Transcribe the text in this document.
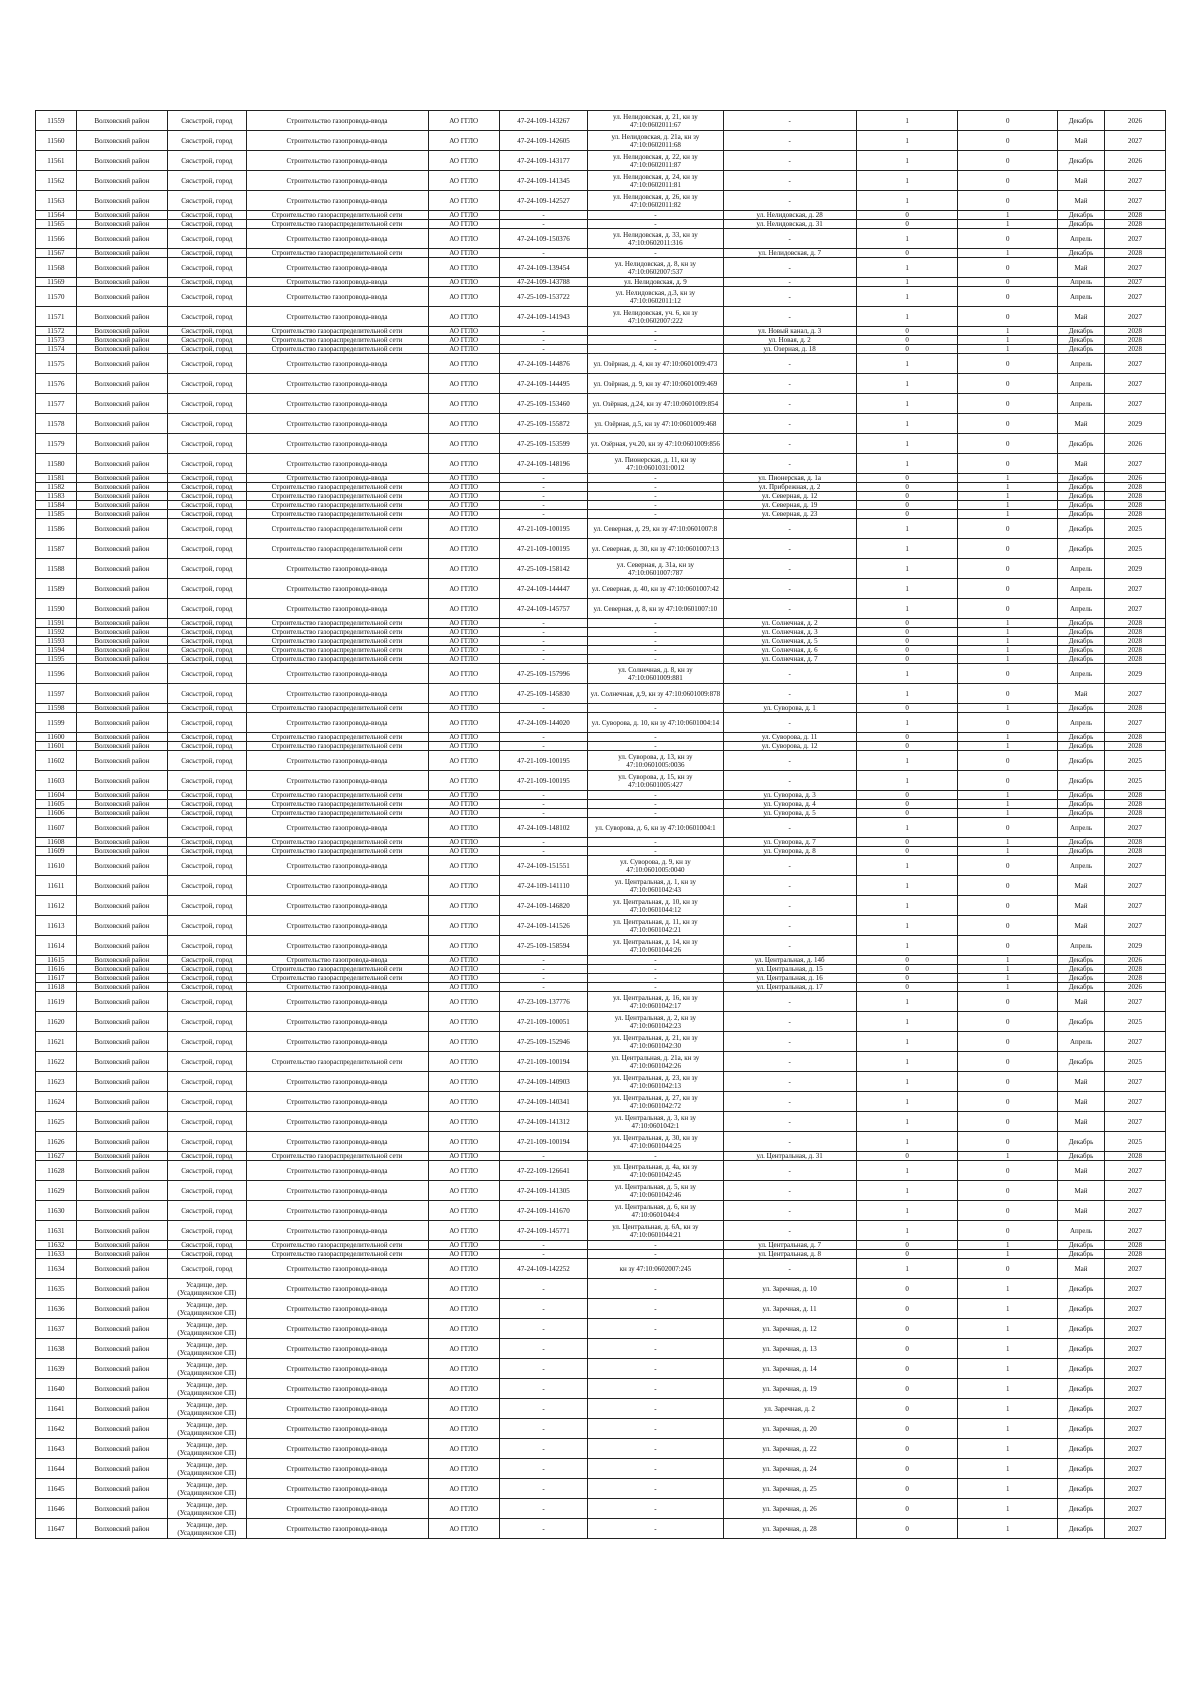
11559	Волховский район	Сясьстрой, город	Строительство газопровода-ввода	АО ГГЛО	47-24-109-143267	ул. Нелидовская, д. 21, кн зу 47:10:0602011:67	-	1	0	Декабрь	2026
11560	Волховский район	Сясьстрой, город	Строительство газопровода-ввода	АО ГГЛО	47-24-109-142605	ул. Нелидовская, д. 21а, кн зу 47:10:0602011:68	-	1	0	Май	2027
11561	Волховский район	Сясьстрой, город	Строительство газопровода-ввода	АО ГГЛО	47-24-109-143177	ул. Нелидовская, д. 22, кн зу 47:10:0602011:87	-	1	0	Декабрь	2026
11562	Волховский район	Сясьстрой, город	Строительство газопровода-ввода	АО ГГЛО	47-24-109-141345	ул. Нелидовская, д. 24, кн зу 47:10:0602011:81	-	1	0	Май	2027
11563	Волховский район	Сясьстрой, город	Строительство газопровода-ввода	АО ГГЛО	47-24-109-142527	ул. Нелидовская, д. 26, кн зу 47:10:0602011:82	-	1	0	Май	2027
11564	Волховский район	Сясьстрой, город	Строительство газораспределительной сети	АО ГГЛО	-	-	ул. Нелидовская, д. 28	0	1	Декабрь	2028
11565	Волховский район	Сясьстрой, город	Строительство газораспределительной сети	АО ГГЛО	-	-	ул. Нелидовская, д. 31	0	1	Декабрь	2028
11566	Волховский район	Сясьстрой, город	Строительство газопровода-ввода	АО ГГЛО	47-24-109-150376	ул. Нелидовская, д. 33, кн зу 47:10:0602011:316	-	1	0	Апрель	2027
11567	Волховский район	Сясьстрой, город	Строительство газораспределительной сети	АО ГГЛО	-	-	ул. Нелидовская, д. 7	0	1	Декабрь	2028
11568	Волховский район	Сясьстрой, город	Строительство газопровода-ввода	АО ГГЛО	47-24-109-139454	ул. Нелидовская, д. 8, кн зу 47:10:0602007:537	-	1	0	Май	2027
11569	Волховский район	Сясьстрой, город	Строительство газопровода-ввода	АО ГГЛО	47-24-109-143788	ул. Нелидовская, д. 9	-	1	0	Апрель	2027
11570	Волховский район	Сясьстрой, город	Строительство газопровода-ввода	АО ГГЛО	47-25-109-153722	ул. Нелидовская, д.3, кн зу 47:10:0602011:12	-	1	0	Апрель	2027
11571	Волховский район	Сясьстрой, город	Строительство газопровода-ввода	АО ГГЛО	47-24-109-141943	ул. Нелидовская, уч. 6, кн зу 47:10:0602007:222	-	1	0	Май	2027
11572	Волховский район	Сясьстрой, город	Строительство газораспределительной сети	АО ГГЛО	-	-	ул. Новый канал, д. 3	0	1	Декабрь	2028
11573	Волховский район	Сясьстрой, город	Строительство газораспределительной сети	АО ГГЛО	-	-	ул. Новая, д. 2	0	1	Декабрь	2028
11574	Волховский район	Сясьстрой, город	Строительство газораспределительной сети	АО ГГЛО	-	-	ул. Озерная, д. 18	0	1	Декабрь	2028
11575	Волховский район	Сясьстрой, город	Строительство газопровода-ввода	АО ГГЛО	47-24-109-144876	ул. Озёрная, д. 4, кн зу 47:10:0601009:473	-	1	0	Апрель	2027
11576	Волховский район	Сясьстрой, город	Строительство газопровода-ввода	АО ГГЛО	47-24-109-144495	ул. Озёрная, д. 9, кн зу 47:10:0601009:469	-	1	0	Апрель	2027
11577	Волховский район	Сясьстрой, город	Строительство газопровода-ввода	АО ГГЛО	47-25-109-153460	ул. Озёрная, д.24, кн зу 47:10:0601009:854	-	1	0	Апрель	2027
11578	Волховский район	Сясьстрой, город	Строительство газопровода-ввода	АО ГГЛО	47-25-109-155872	ул. Озёрная, д.5, кн зу 47:10:0601009:468	-	1	0	Май	2029
11579	Волховский район	Сясьстрой, город	Строительство газопровода-ввода	АО ГГЛО	47-25-109-153599	ул. Озёрная, уч.20, кн зу 47:10:0601009:856	-	1	0	Декабрь	2026
11580	Волховский район	Сясьстрой, город	Строительство газопровода-ввода	АО ГГЛО	47-24-109-148196	ул. Пионерская, д. 11, кн зу 47:10:0601031:0012	-	1	0	Май	2027
11581	Волховский район	Сясьстрой, город	Строительство газопровода-ввода	АО ГГЛО	-	-	ул. Пионерская, д. 1а	0	1	Декабрь	2026
11582	Волховский район	Сясьстрой, город	Строительство газораспределительной сети	АО ГГЛО	-	-	ул. Прибрежная, д. 2	0	1	Декабрь	2028
11583	Волховский район	Сясьстрой, город	Строительство газораспределительной сети	АО ГГЛО	-	-	ул. Северная, д. 12	0	1	Декабрь	2028
11584	Волховский район	Сясьстрой, город	Строительство газораспределительной сети	АО ГГЛО	-	-	ул. Северная, д. 19	0	1	Декабрь	2028
11585	Волховский район	Сясьстрой, город	Строительство газораспределительной сети	АО ГГЛО	-	-	ул. Северная, д. 23	0	1	Декабрь	2028
11586	Волховский район	Сясьстрой, город	Строительство газораспределительной сети	АО ГГЛО	47-21-109-100195	ул. Северная, д. 29, кн зу 47:10:0601007:8	-	1	0	Декабрь	2025
11587	Волховский район	Сясьстрой, город	Строительство газораспределительной сети	АО ГГЛО	47-21-109-100195	ул. Северная, д. 30, кн зу 47:10:0601007:13	-	1	0	Декабрь	2025
11588	Волховский район	Сясьстрой, город	Строительство газопровода-ввода	АО ГГЛО	47-25-109-158142	ул. Северная, д. 31а, кн зу 47:10:0601007:787	-	1	0	Апрель	2029
11589	Волховский район	Сясьстрой, город	Строительство газопровода-ввода	АО ГГЛО	47-24-109-144447	ул. Северная, д. 40, кн зу 47:10:0601007:42	-	1	0	Апрель	2027
11590	Волховский район	Сясьстрой, город	Строительство газопровода-ввода	АО ГГЛО	47-24-109-145757	ул. Северная, д. 8, кн зу 47:10:0601007:10	-	1	0	Апрель	2027
11591	Волховский район	Сясьстрой, город	Строительство газораспределительной сети	АО ГГЛО	-	-	ул. Солнечная, д. 2	0	1	Декабрь	2028
11592	Волховский район	Сясьстрой, город	Строительство газораспределительной сети	АО ГГЛО	-	-	ул. Солнечная, д. 3	0	1	Декабрь	2028
11593	Волховский район	Сясьстрой, город	Строительство газораспределительной сети	АО ГГЛО	-	-	ул. Солнечная, д. 5	0	1	Декабрь	2028
11594	Волховский район	Сясьстрой, город	Строительство газораспределительной сети	АО ГГЛО	-	-	ул. Солнечная, д. 6	0	1	Декабрь	2028
11595	Волховский район	Сясьстрой, город	Строительство газораспределительной сети	АО ГГЛО	-	-	ул. Солнечная, д. 7	0	1	Декабрь	2028
11596	Волховский район	Сясьстрой, город	Строительство газопровода-ввода	АО ГГЛО	47-25-109-157996	ул. Солнечная, д. 8, кн зу 47:10:0601009:881	-	1	0	Апрель	2029
11597	Волховский район	Сясьстрой, город	Строительство газопровода-ввода	АО ГГЛО	47-25-109-145830	ул. Солнечная, д.9, кн зу 47:10:0601009:878	-	1	0	Май	2027
11598	Волховский район	Сясьстрой, город	Строительство газораспределительной сети	АО ГГЛО	-	-	ул. Суворова, д. 1	0	1	Декабрь	2028
11599	Волховский район	Сясьстрой, город	Строительство газопровода-ввода	АО ГГЛО	47-24-109-144020	ул. Суворова, д. 10, кн зу 47:10:0601004:14	-	1	0	Апрель	2027
11600	Волховский район	Сясьстрой, город	Строительство газораспределительной сети	АО ГГЛО	-	-	ул. Суворова, д. 11	0	1	Декабрь	2028
11601	Волховский район	Сясьстрой, город	Строительство газораспределительной сети	АО ГГЛО	-	-	ул. Суворова, д. 12	0	1	Декабрь	2028
11602	Волховский район	Сясьстрой, город	Строительство газопровода-ввода	АО ГГЛО	47-21-109-100195	ул. Суворова, д. 13, кн зу 47:10:0601005:0036	-	1	0	Декабрь	2025
11603	Волховский район	Сясьстрой, город	Строительство газопровода-ввода	АО ГГЛО	47-21-109-100195	ул. Суворова, д. 15, кн зу 47:10:0601005:427	-	1	0	Декабрь	2025
11604	Волховский район	Сясьстрой, город	Строительство газораспределительной сети	АО ГГЛО	-	-	ул. Суворова, д. 3	0	1	Декабрь	2028
11605	Волховский район	Сясьстрой, город	Строительство газораспределительной сети	АО ГГЛО	-	-	ул. Суворова, д. 4	0	1	Декабрь	2028
11606	Волховский район	Сясьстрой, город	Строительство газораспределительной сети	АО ГГЛО	-	-	ул. Суворова, д. 5	0	1	Декабрь	2028
11607	Волховский район	Сясьстрой, город	Строительство газопровода-ввода	АО ГГЛО	47-24-109-148102	ул. Суворова, д. 6, кн зу 47:10:0601004:1	-	1	0	Апрель	2027
11608	Волховский район	Сясьстрой, город	Строительство газораспределительной сети	АО ГГЛО	-	-	ул. Суворова, д. 7	0	1	Декабрь	2028
11609	Волховский район	Сясьстрой, город	Строительство газораспределительной сети	АО ГГЛО	-	-	ул. Суворова, д. 8	0	1	Декабрь	2028
11610	Волховский район	Сясьстрой, город	Строительство газопровода-ввода	АО ГГЛО	47-24-109-151551	ул. Суворова, д. 9, кн зу 47:10:0601005:0040	-	1	0	Апрель	2027
11611	Волховский район	Сясьстрой, город	Строительство газопровода-ввода	АО ГГЛО	47-24-109-141110	ул. Центральная, д. 1, кн зу 47:10:0601042:43	-	1	0	Май	2027
11612	Волховский район	Сясьстрой, город	Строительство газопровода-ввода	АО ГГЛО	47-24-109-146820	ул. Центральная, д. 10, кн зу 47:10:0601044:12	-	1	0	Май	2027
11613	Волховский район	Сясьстрой, город	Строительство газопровода-ввода	АО ГГЛО	47-24-109-141526	ул. Центральная, д. 11, кн зу 47:10:0601042:21	-	1	0	Май	2027
11614	Волховский район	Сясьстрой, город	Строительство газопровода-ввода	АО ГГЛО	47-25-109-158594	ул. Центральная, д. 14, кн зу 47:10:0601044:26	-	1	0	Апрель	2029
11615	Волховский район	Сясьстрой, город	Строительство газопровода-ввода	АО ГГЛО	-	-	ул. Центральная, д. 14б	0	1	Декабрь	2026
11616	Волховский район	Сясьстрой, город	Строительство газораспределительной сети	АО ГГЛО	-	-	ул. Центральная, д. 15	0	1	Декабрь	2028
11617	Волховский район	Сясьстрой, город	Строительство газораспределительной сети	АО ГГЛО	-	-	ул. Центральная, д. 16	0	1	Декабрь	2028
11618	Волховский район	Сясьстрой, город	Строительство газопровода-ввода	АО ГГЛО	-	-	ул. Центральная, д. 17	0	1	Декабрь	2026
11619	Волховский район	Сясьстрой, город	Строительство газопровода-ввода	АО ГГЛО	47-23-109-137776	ул. Центральная, д. 16, кн зу 47:10:0601042:17	-	1	0	Май	2027
11620	Волховский район	Сясьстрой, город	Строительство газопровода-ввода	АО ГГЛО	47-21-109-100051	ул. Центральная, д. 2, кн зу 47:10:0601042:23	-	1	0	Декабрь	2025
11621	Волховский район	Сясьстрой, город	Строительство газопровода-ввода	АО ГГЛО	47-25-109-152946	ул. Центральная, д. 21, кн зу 47:10:0601042:30	-	1	0	Апрель	2027
11622	Волховский район	Сясьстрой, город	Строительство газораспределительной сети	АО ГГЛО	47-21-109-100194	ул. Центральная, д. 21а, кн зу 47:10:0601042:26	-	1	0	Декабрь	2025
11623	Волховский район	Сясьстрой, город	Строительство газопровода-ввода	АО ГГЛО	47-24-109-140903	ул. Центральная, д. 23, кн зу 47:10:0601042:13	-	1	0	Май	2027
11624	Волховский район	Сясьстрой, город	Строительство газопровода-ввода	АО ГГЛО	47-24-109-140341	ул. Центральная, д. 27, кн зу 47:10:0601042:72	-	1	0	Май	2027
11625	Волховский район	Сясьстрой, город	Строительство газопровода-ввода	АО ГГЛО	47-24-109-141312	ул. Центральная, д. 3, кн зу 47:10:0601042:1	-	1	0	Май	2027
11626	Волховский район	Сясьстрой, город	Строительство газопровода-ввода	АО ГГЛО	47-21-109-100194	ул. Центральная, д. 30, кн зу 47:10:0601044:25	-	1	0	Декабрь	2025
11627	Волховский район	Сясьстрой, город	Строительство газораспределительной сети	АО ГГЛО	-	-	ул. Центральная, д. 31	0	1	Декабрь	2028
11628	Волховский район	Сясьстрой, город	Строительство газопровода-ввода	АО ГГЛО	47-22-109-126641	ул. Центральная, д. 4а, кн зу 47:10:0601042:45	-	1	0	Май	2027
11629	Волховский район	Сясьстрой, город	Строительство газопровода-ввода	АО ГГЛО	47-24-109-141305	ул. Центральная, д. 5, кн зу 47:10:0601042:46	-	1	0	Май	2027
11630	Волховский район	Сясьстрой, город	Строительство газопровода-ввода	АО ГГЛО	47-24-109-141670	ул. Центральная, д. 6, кн зу 47:10:0601044:4	-	1	0	Май	2027
11631	Волховский район	Сясьстрой, город	Строительство газопровода-ввода	АО ГГЛО	47-24-109-145771	ул. Центральная, д. 6А, кн зу 47:10:0601044:21	-	1	0	Апрель	2027
11632	Волховский район	Сясьстрой, город	Строительство газораспределительной сети	АО ГГЛО	-	-	ул. Центральная, д. 7	0	1	Декабрь	2028
11633	Волховский район	Сясьстрой, город	Строительство газораспределительной сети	АО ГГЛО	-	-	ул. Центральная, д. 8	0	1	Декабрь	2028
11634	Волховский район	Сясьстрой, город	Строительство газопровода-ввода	АО ГГЛО	47-24-109-142252	кн зу 47:10:0602007:245	-	1	0	Май	2027
11635	Волховский район	Усадище, дер. (Усадищенское СП)	Строительство газопровода-ввода	АО ГГЛО	-	-	ул. Заречная, д. 10	0	1	Декабрь	2027
11636	Волховский район	Усадище, дер. (Усадищенское СП)	Строительство газопровода-ввода	АО ГГЛО	-	-	ул. Заречная, д. 11	0	1	Декабрь	2027
11637	Волховский район	Усадище, дер. (Усадищенское СП)	Строительство газопровода-ввода	АО ГГЛО	-	-	ул. Заречная, д. 12	0	1	Декабрь	2027
11638	Волховский район	Усадище, дер. (Усадищенское СП)	Строительство газопровода-ввода	АО ГГЛО	-	-	ул. Заречная, д. 13	0	1	Декабрь	2027
11639	Волховский район	Усадище, дер. (Усадищенское СП)	Строительство газопровода-ввода	АО ГГЛО	-	-	ул. Заречная, д. 14	0	1	Декабрь	2027
11640	Волховский район	Усадище, дер. (Усадищенское СП)	Строительство газопровода-ввода	АО ГГЛО	-	-	ул. Заречная, д. 19	0	1	Декабрь	2027
11641	Волховский район	Усадище, дер. (Усадищенское СП)	Строительство газопровода-ввода	АО ГГЛО	-	-	ул. Заречная, д. 2	0	1	Декабрь	2027
11642	Волховский район	Усадище, дер. (Усадищенское СП)	Строительство газопровода-ввода	АО ГГЛО	-	-	ул. Заречная, д. 20	0	1	Декабрь	2027
11643	Волховский район	Усадище, дер. (Усадищенское СП)	Строительство газопровода-ввода	АО ГГЛО	-	-	ул. Заречная, д. 22	0	1	Декабрь	2027
11644	Волховский район	Усадище, дер. (Усадищенское СП)	Строительство газопровода-ввода	АО ГГЛО	-	-	ул. Заречная, д. 24	0	1	Декабрь	2027
11645	Волховский район	Усадище, дер. (Усадищенское СП)	Строительство газопровода-ввода	АО ГГЛО	-	-	ул. Заречная, д. 25	0	1	Декабрь	2027
11646	Волховский район	Усадище, дер. (Усадищенское СП)	Строительство газопровода-ввода	АО ГГЛО	-	-	ул. Заречная, д. 26	0	1	Декабрь	2027
11647	Волховский район	Усадище, дер. (Усадищенское СП)	Строительство газопровода-ввода	АО ГГЛО	-	-	ул. Заречная, д. 28	0	1	Декабрь	2027
